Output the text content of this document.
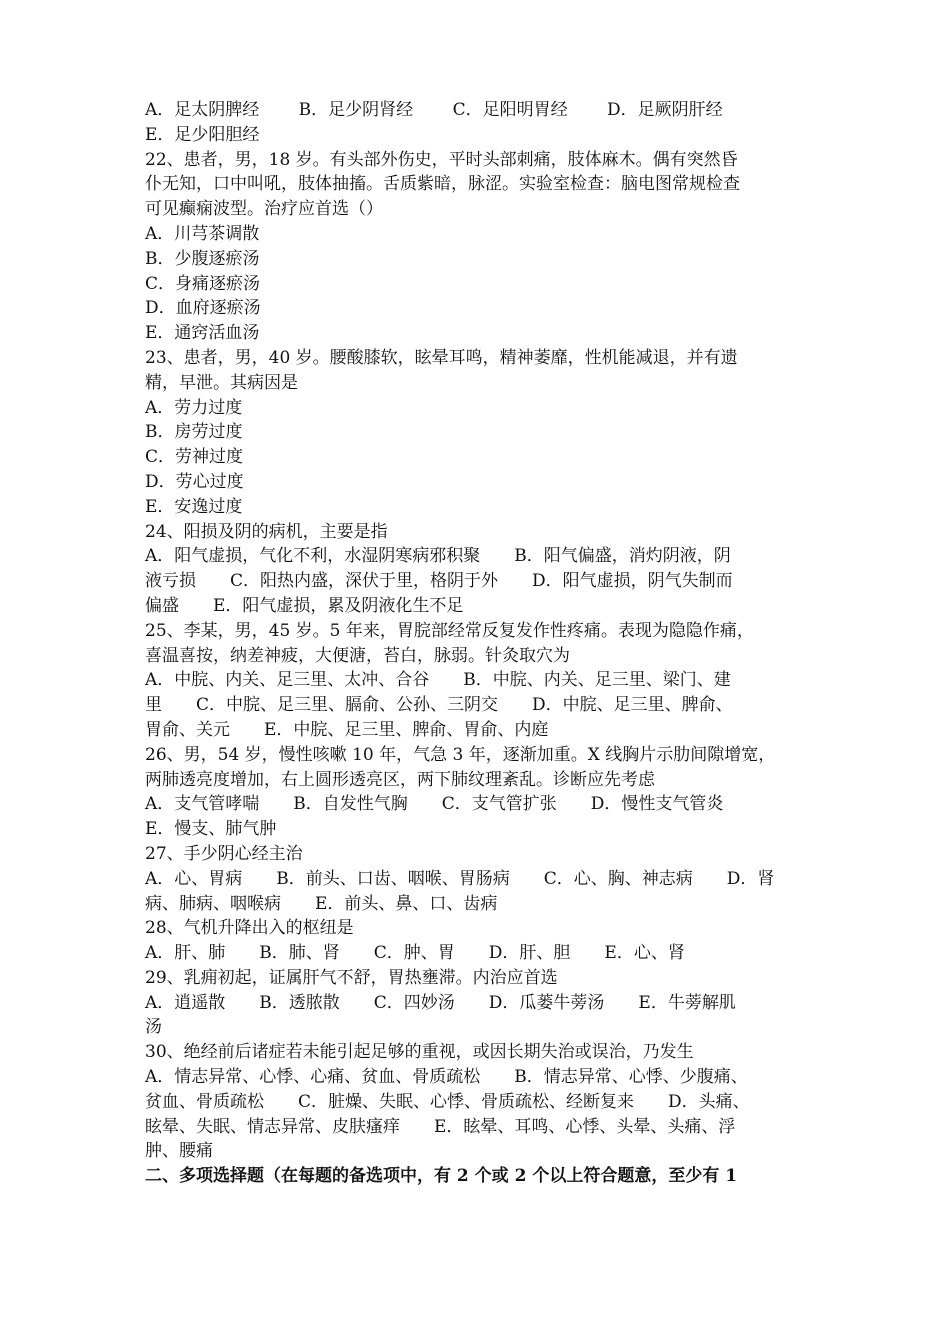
A．足太阴脾经　　 B．足少阴肾经　　 C．足阳明胃经　　 D．足厥阴肝经
E．足少阳胆经
22、患者，男，18 岁。有头部外伤史，平时头部刺痛，肢体麻木。偶有突然昏
仆无知，口中叫吼，肢体抽搐。舌质紫暗，脉涩。实验室检查：脑电图常规检查
可见癫痫波型。治疗应首选（）
A．川芎茶调散
B．少腹逐瘀汤
C．身痛逐瘀汤
D．血府逐瘀汤
E．通窍活血汤
23、患者，男，40 岁。腰酸膝软，眩晕耳鸣，精神萎靡，性机能减退，并有遗
精，早泄。其病因是
A．劳力过度
B．房劳过度
C．劳神过度
D．劳心过度
E．安逸过度
24、阳损及阴的病机，主要是指
A．阳气虚损，气化不利，水湿阴寒病邪积聚　　B．阳气偏盛，消灼阴液，阴
液亏损　　C．阳热内盛，深伏于里，格阴于外　　D．阳气虚损，阴气失制而
偏盛　　E．阳气虚损，累及阴液化生不足
25、李某，男，45 岁。5 年来，胃脘部经常反复发作性疼痛。表现为隐隐作痛，
喜温喜按，纳差神疲，大便溏，苔白，脉弱。针灸取穴为
A．中脘、内关、足三里、太冲、合谷　　B．中脘、内关、足三里、梁门、建
里　　C．中脘、足三里、膈俞、公孙、三阴交　　D．中脘、足三里、脾俞、
胃俞、关元　　E．中脘、足三里、脾俞、胃俞、内庭
26、男，54 岁，慢性咳嗽 10 年，气急 3 年，逐渐加重。X 线胸片示肋间隙增宽，
两肺透亮度增加，右上圆形透亮区，两下肺纹理紊乱。诊断应先考虑
A．支气管哮喘　　B．自发性气胸　　C．支气管扩张　　D．慢性支气管炎
E．慢支、肺气肿
27、手少阴心经主治
A．心、胃病　　B．前头、口齿、咽喉、胃肠病　　C．心、胸、神志病　　D．肾
病、肺病、咽喉病　　E．前头、鼻、口、齿病
28、气机升降出入的枢纽是
A．肝、肺　　B．肺、肾　　C．肿、胃　　D．肝、胆　　E．心、肾
29、乳痈初起，证属肝气不舒，胃热壅滞。内治应首选
A．逍遥散　　B．透脓散　　C．四妙汤　　D．瓜蒌牛蒡汤　　E．牛蒡解肌
汤
30、绝经前后诸症若未能引起足够的重视，或因长期失治或误治，乃发生
A．情志异常、心悸、心痛、贫血、骨质疏松　　B．情志异常、心悸、少腹痛、
贫血、骨质疏松　　C．脏燥、失眠、心悸、骨质疏松、经断复来　　D．头痛、
眩晕、失眠、情志异常、皮肤瘙痒　　E．眩晕、耳鸣、心悸、头晕、头痛、浮
肿、腰痛
二、多项选择题（在每题的备选项中，有 2 个或 2 个以上符合题意，至少有 1
